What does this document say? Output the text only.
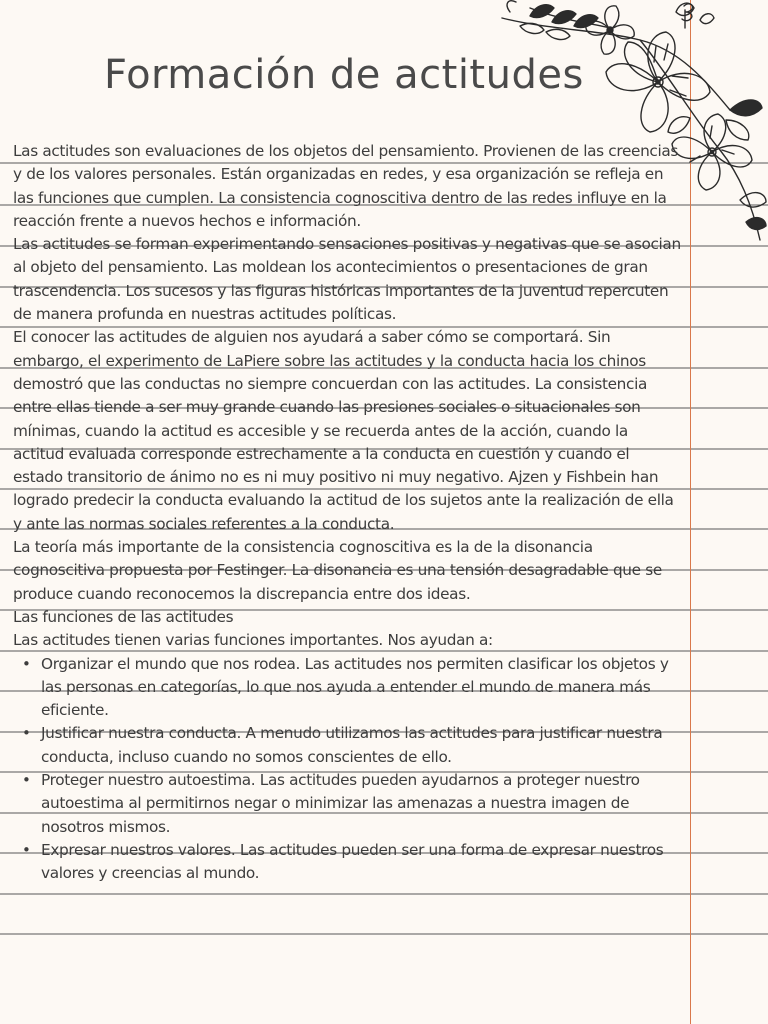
Formación de actitudes

Las actitudes son evaluaciones de los objetos del pensamiento. Provienen de las creencias y de los valores personales. Están organizadas en redes, y esa organización se refleja en las funciones que cumplen. La consistencia cognoscitiva dentro de las redes influye en la reacción frente a nuevos hechos e información.

Las actitudes se forman experimentando sensaciones positivas y negativas que se asocian al objeto del pensamiento. Las moldean los acontecimientos o presentaciones de gran trascendencia. Los sucesos y las figuras históricas importantes de la juventud repercuten de manera profunda en nuestras actitudes políticas.

El conocer las actitudes de alguien nos ayudará a saber cómo se comportará. Sin embargo, el experimento de LaPiere sobre las actitudes y la conducta hacia los chinos demostró que las conductas no siempre concuerdan con las actitudes. La consistencia entre ellas tiende a ser muy grande cuando las presiones sociales o situacionales son mínimas, cuando la actitud es accesible y se recuerda antes de la acción, cuando la actitud evaluada corresponde estrechamente a la conducta en cuestión y cuando el estado transitorio de ánimo no es ni muy positivo ni muy negativo. Ajzen y Fishbein han logrado predecir la conducta evaluando la actitud de los sujetos ante la realización de ella y ante las normas sociales referentes a la conducta.

La teoría más importante de la consistencia cognoscitiva es la de la disonancia cognoscitiva propuesta por Festinger. La disonancia es una tensión desagradable que se produce cuando reconocemos la discrepancia entre dos ideas.

Las funciones de las actitudes

Las actitudes tienen varias funciones importantes. Nos ayudan a:

• Organizar el mundo que nos rodea. Las actitudes nos permiten clasificar los objetos y las personas en categorías, lo que nos ayuda a entender el mundo de manera más eficiente.
• Justificar nuestra conducta. A menudo utilizamos las actitudes para justificar nuestra conducta, incluso cuando no somos conscientes de ello.
• Proteger nuestro autoestima. Las actitudes pueden ayudarnos a proteger nuestro autoestima al permitirnos negar o minimizar las amenazas a nuestra imagen de nosotros mismos.
• Expresar nuestros valores. Las actitudes pueden ser una forma de expresar nuestros valores y creencias al mundo.
